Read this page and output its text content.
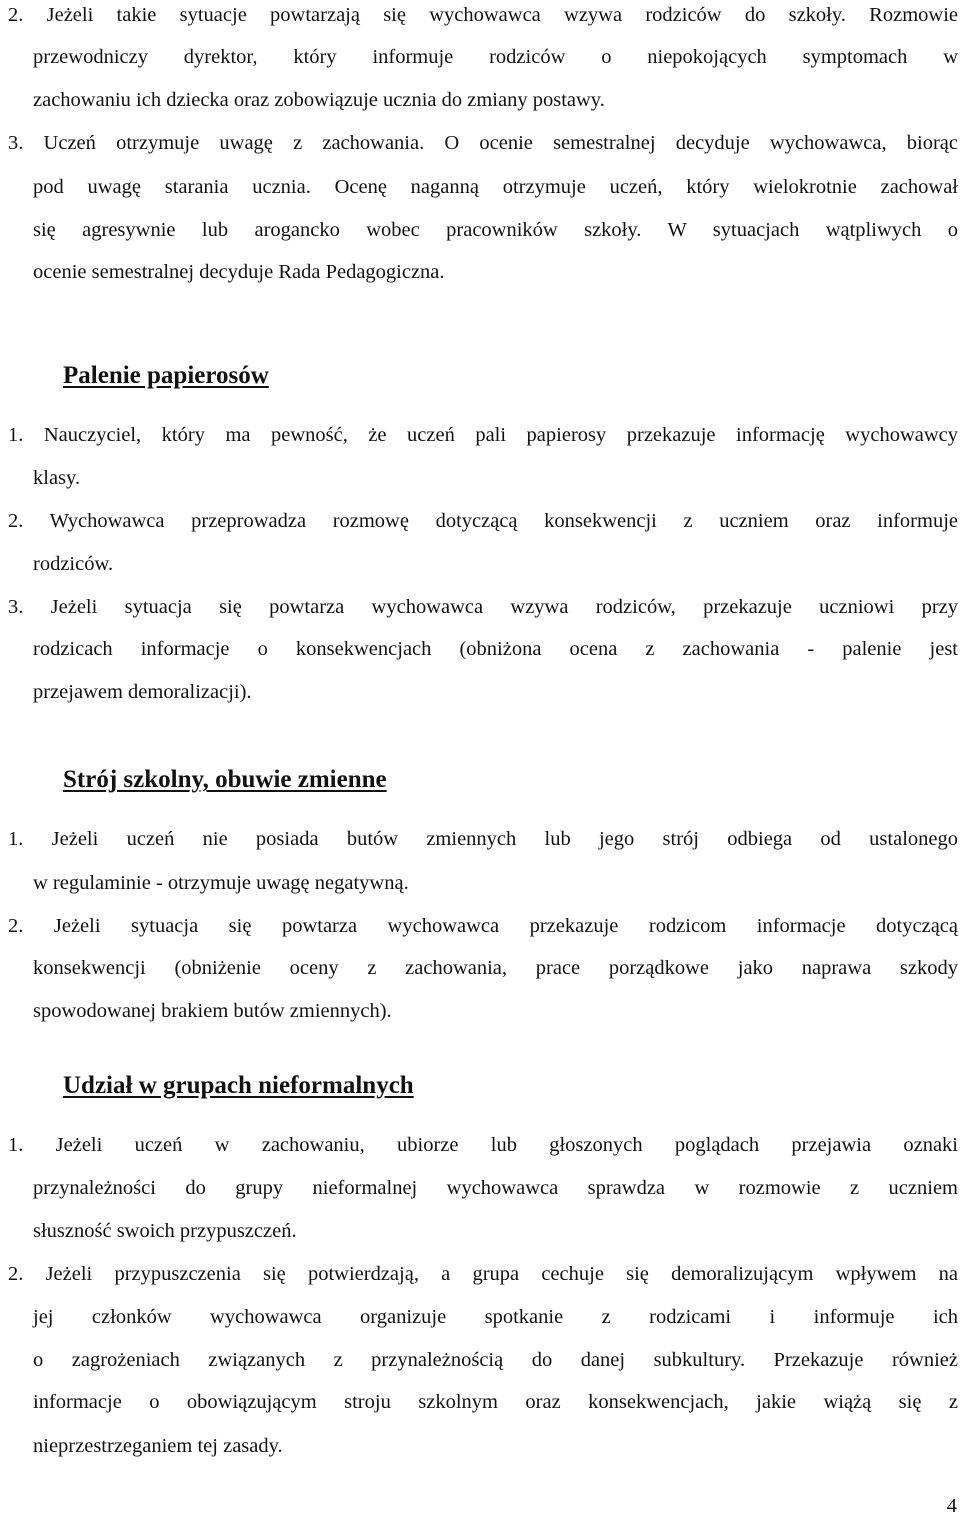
2. Jeżeli takie sytuacje powtarzają się wychowawca wzywa rodziców do szkoły. Rozmowie
przewodniczy dyrektor, który informuje rodziców o niepokojących symptomach w
zachowaniu ich dziecka oraz zobowiązuje ucznia do zmiany postawy.
3. Uczeń otrzymuje uwagę z zachowania. O ocenie semestralnej decyduje wychowawca, biorąc
pod uwagę starania ucznia. Ocenę naganną otrzymuje uczeń, który wielokrotnie zachował
się agresywnie lub arogancko wobec pracowników szkoły. W sytuacjach wątpliwych o
ocenie semestralnej decyduje Rada Pedagogiczna.
Palenie papierosów
1. Nauczyciel, który ma pewność, że uczeń pali papierosy przekazuje informację wychowawcy
klasy.
2. Wychowawca przeprowadza rozmowę dotyczącą konsekwencji z uczniem oraz informuje
rodziców.
3. Jeżeli sytuacja się powtarza wychowawca wzywa rodziców, przekazuje uczniowi przy
rodzicach informacje o konsekwencjach (obniżona ocena z zachowania - palenie jest
przejawem demoralizacji).
Strój szkolny, obuwie zmienne
1. Jeżeli uczeń nie posiada butów zmiennych lub jego strój odbiega od ustalonego
w regulaminie - otrzymuje uwagę negatywną.
2. Jeżeli sytuacja się powtarza wychowawca przekazuje rodzicom informacje dotyczącą
konsekwencji (obniżenie oceny z zachowania, prace porządkowe jako naprawa szkody
spowodowanej brakiem butów zmiennych).
Udział w grupach nieformalnych
1. Jeżeli uczeń w zachowaniu, ubiorze lub głoszonych poglądach przejawia oznaki
przynależności do grupy nieformalnej wychowawca sprawdza w rozmowie z uczniem
słuszność swoich przypuszczeń.
2. Jeżeli przypuszczenia się potwierdzają, a grupa cechuje się demoralizującym wpływem na
jej członków wychowawca organizuje spotkanie z rodzicami i informuje ich
o zagrożeniach związanych z przynależnością do danej subkultury. Przekazuje również
informacje o obowiązującym stroju szkolnym oraz konsekwencjach, jakie wiążą się z
nieprzestrzeganiem tej zasady.
4
